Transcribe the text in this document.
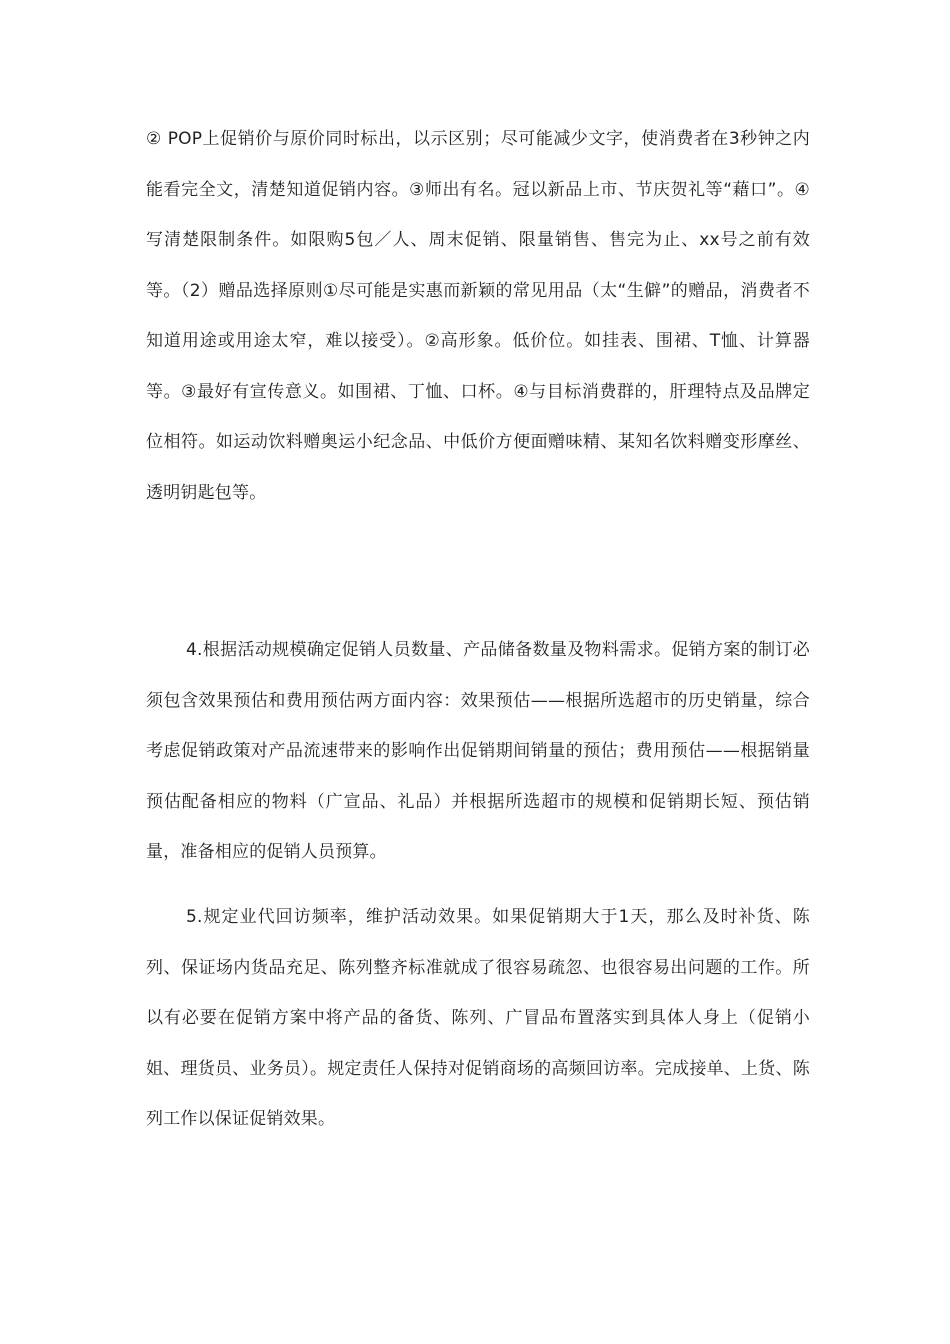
② POP上促销价与原价同时标出，以示区别；尽可能减少文字，使消费者在3秒钟之内能看完全文，清楚知道促销内容。③师出有名。冠以新品上市、节庆贺礼等“藉口”。④写清楚限制条件。如限购5包／人、周末促销、限量销售、售完为止、xx号之前有效等。（2）赠品选择原则①尽可能是实惠而新颖的常见用品（太“生僻”的赠品，消费者不知道用途或用途太窄，难以接受）。②高形象。低价位。如挂表、围裙、T恤、计算器等。③最好有宣传意义。如围裙、丁恤、口杯。④与目标消费群的，肝理特点及品牌定位相符。如运动饮料赠奥运小纪念品、中低价方便面赠味精、某知名饮料赠变形摩丝、透明钥匙包等。

4.根据活动规模确定促销人员数量、产品储备数量及物料需求。促销方案的制订必须包含效果预估和费用预估两方面内容：效果预估——根据所选超市的历史销量，综合考虑促销政策对产品流速带来的影响作出促销期间销量的预估；费用预估——根据销量预估配备相应的物料（广宣品、礼品）并根据所选超市的规模和促销期长短、预估销量，准备相应的促销人员预算。

5.规定业代回访频率，维护活动效果。如果促销期大于1天，那么及时补货、陈列、保证场内货品充足、陈列整齐标准就成了很容易疏忽、也很容易出问题的工作。所以有必要在促销方案中将产品的备货、陈列、广冒品布置落实到具体人身上（促销小姐、理货员、业务员）。规定责任人保持对促销商场的高频回访率。完成接单、上货、陈列工作以保证促销效果。
